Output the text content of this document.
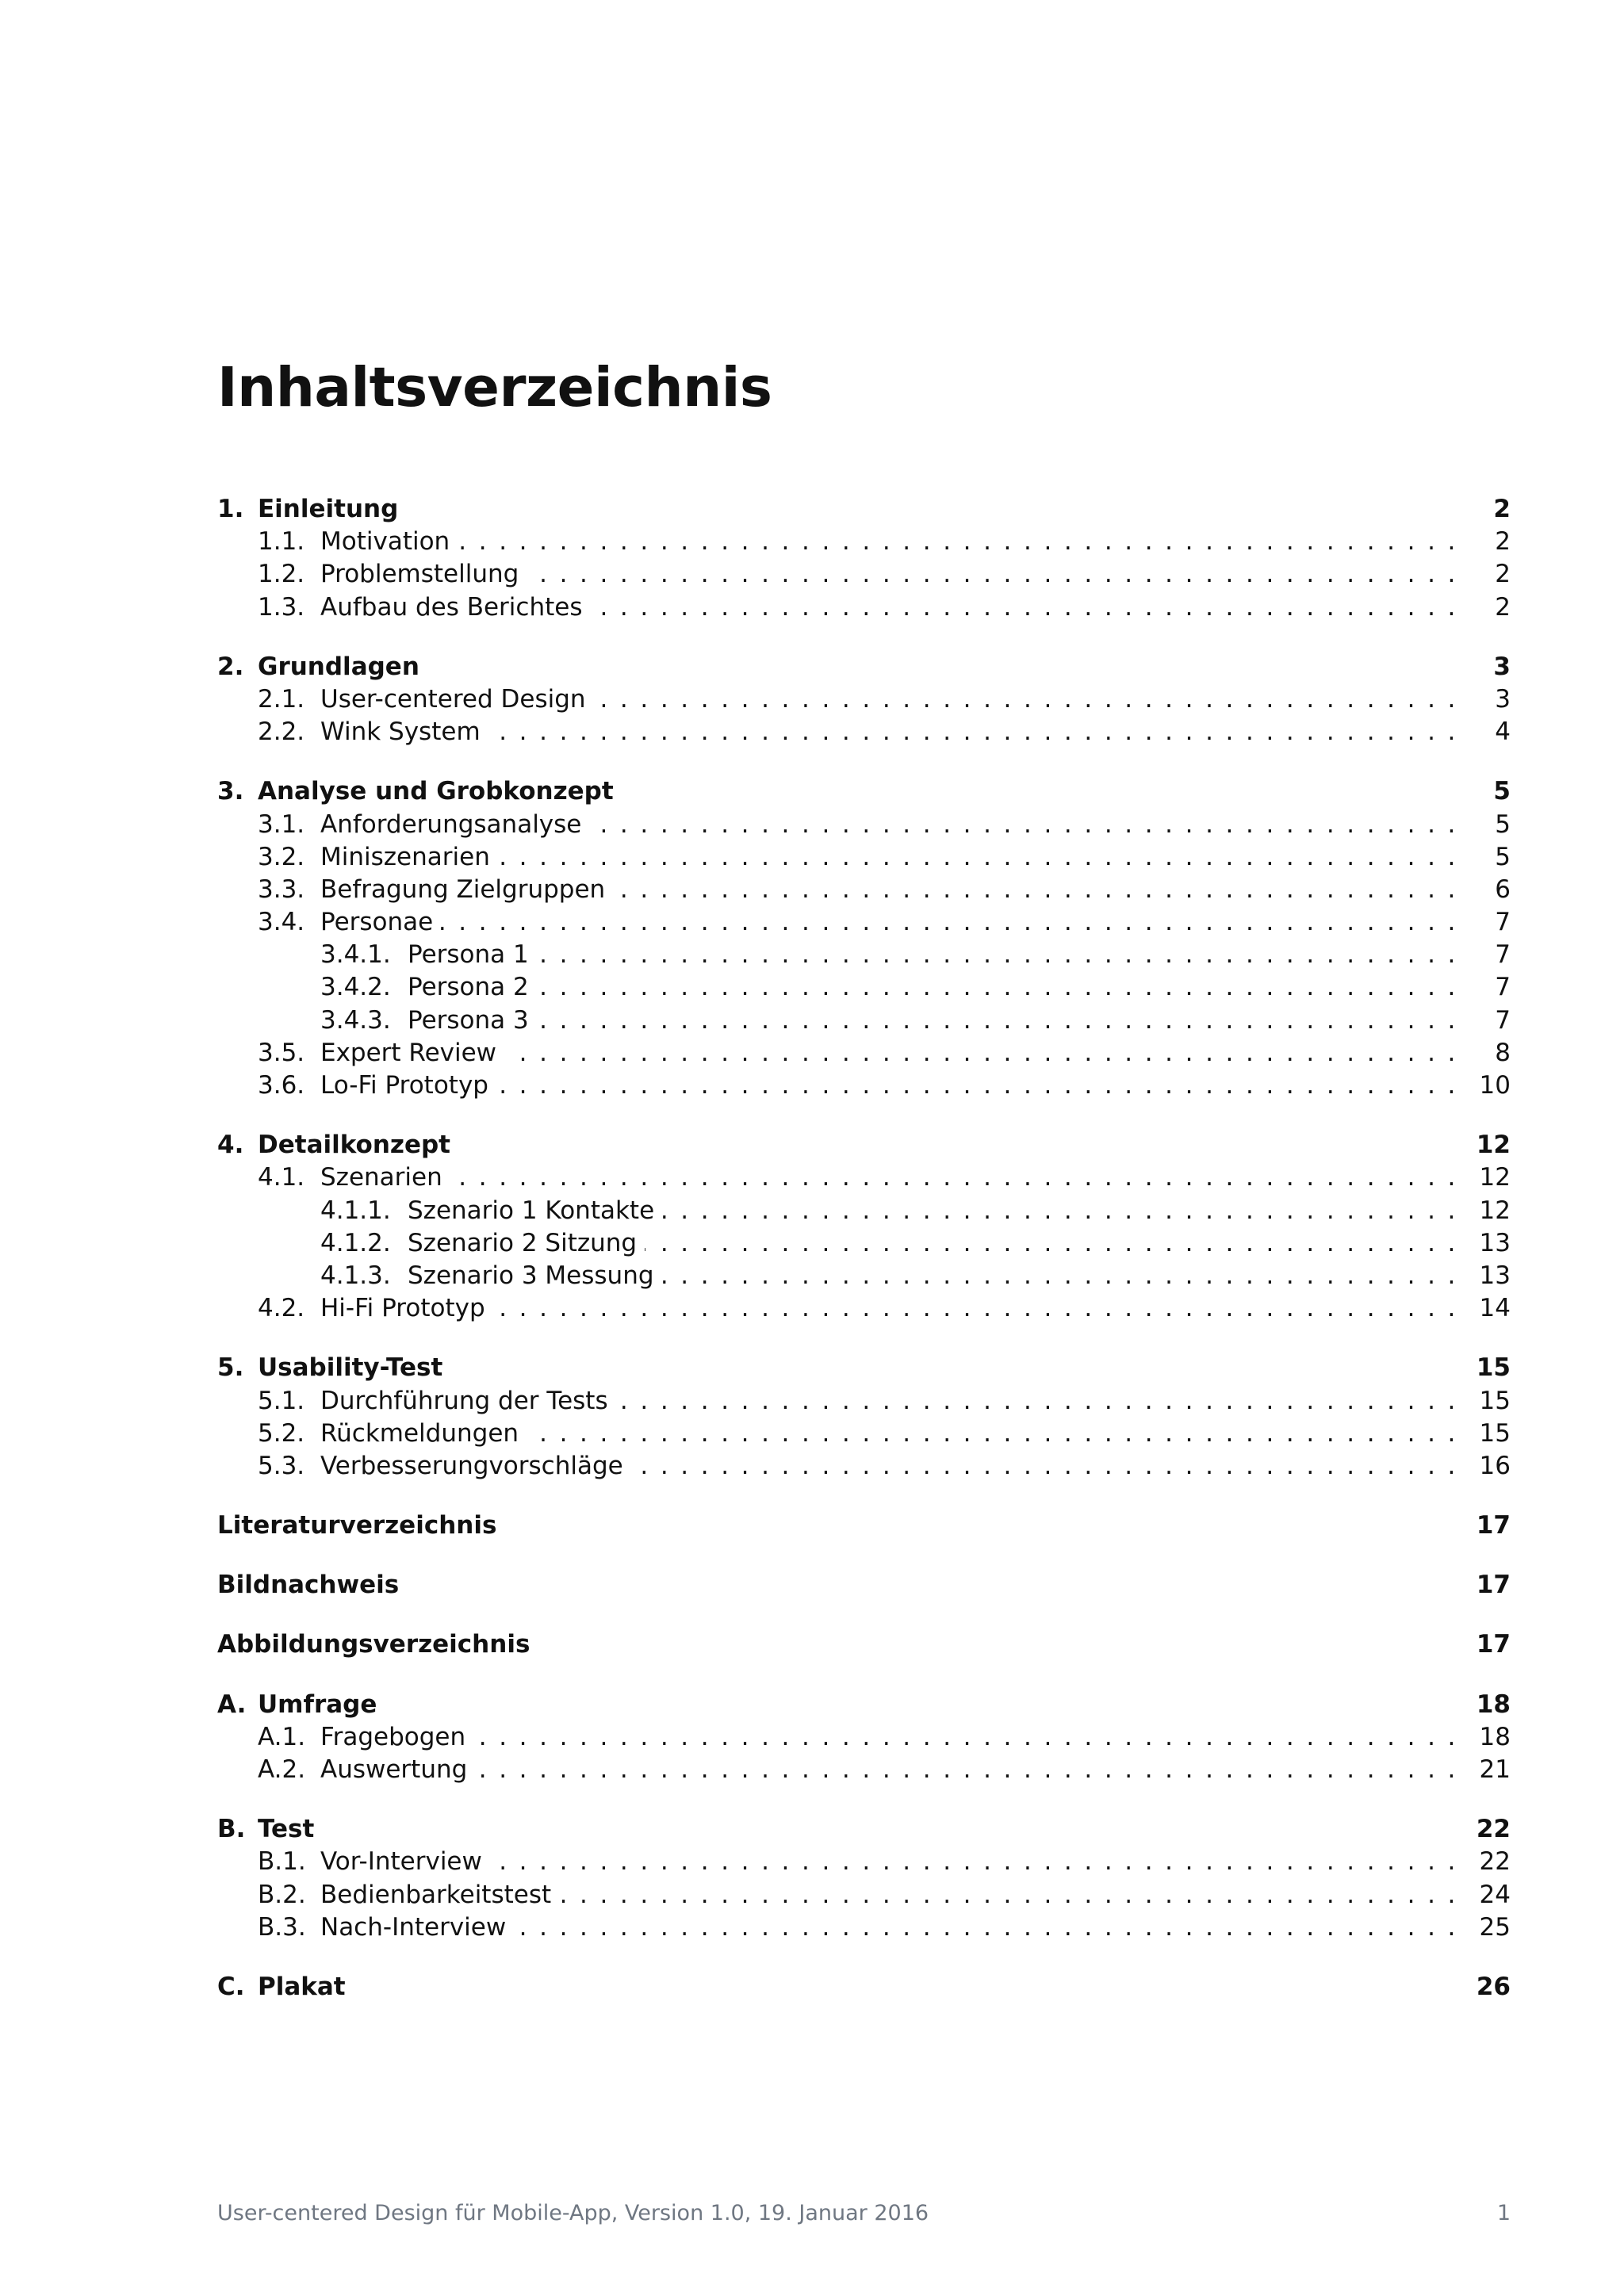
Inhaltsverzeichnis
1. Einleitung	2
1.1. Motivation .....	2
1.2. Problemstellung .....	2
1.3. Aufbau des Berichtes .....	2
2. Grundlagen	3
2.1. User-centered Design .....	3
2.2. Wink System .....	4
3. Analyse und Grobkonzept	5
3.1. Anforderungsanalyse .....	5
3.2. Miniszenarien .....	5
3.3. Befragung Zielgruppen .....	6
3.4. Personae .....	7
3.4.1. Persona 1 .....	7
3.4.2. Persona 2 .....	7
3.4.3. Persona 3 .....	7
3.5. Expert Review .....	8
3.6. Lo-Fi Prototyp .....	10
4. Detailkonzept	12
4.1. Szenarien .....	12
4.1.1. Szenario 1 Kontakte .....	12
4.1.2. Szenario 2 Sitzung .....	13
4.1.3. Szenario 3 Messung .....	13
4.2. Hi-Fi Prototyp .....	14
5. Usability-Test	15
5.1. Durchführung der Tests .....	15
5.2. Rückmeldungen .....	15
5.3. Verbesserungvorschläge .....	16
Literaturverzeichnis	17
Bildnachweis	17
Abbildungsverzeichnis	17
A. Umfrage	18
A.1. Fragebogen .....	18
A.2. Auswertung .....	21
B. Test	22
B.1. Vor-Interview .....	22
B.2. Bedienbarkeitstest .....	24
B.3. Nach-Interview .....	25
C. Plakat	26
User-centered Design für Mobile-App, Version 1.0, 19. Januar 2016	1
